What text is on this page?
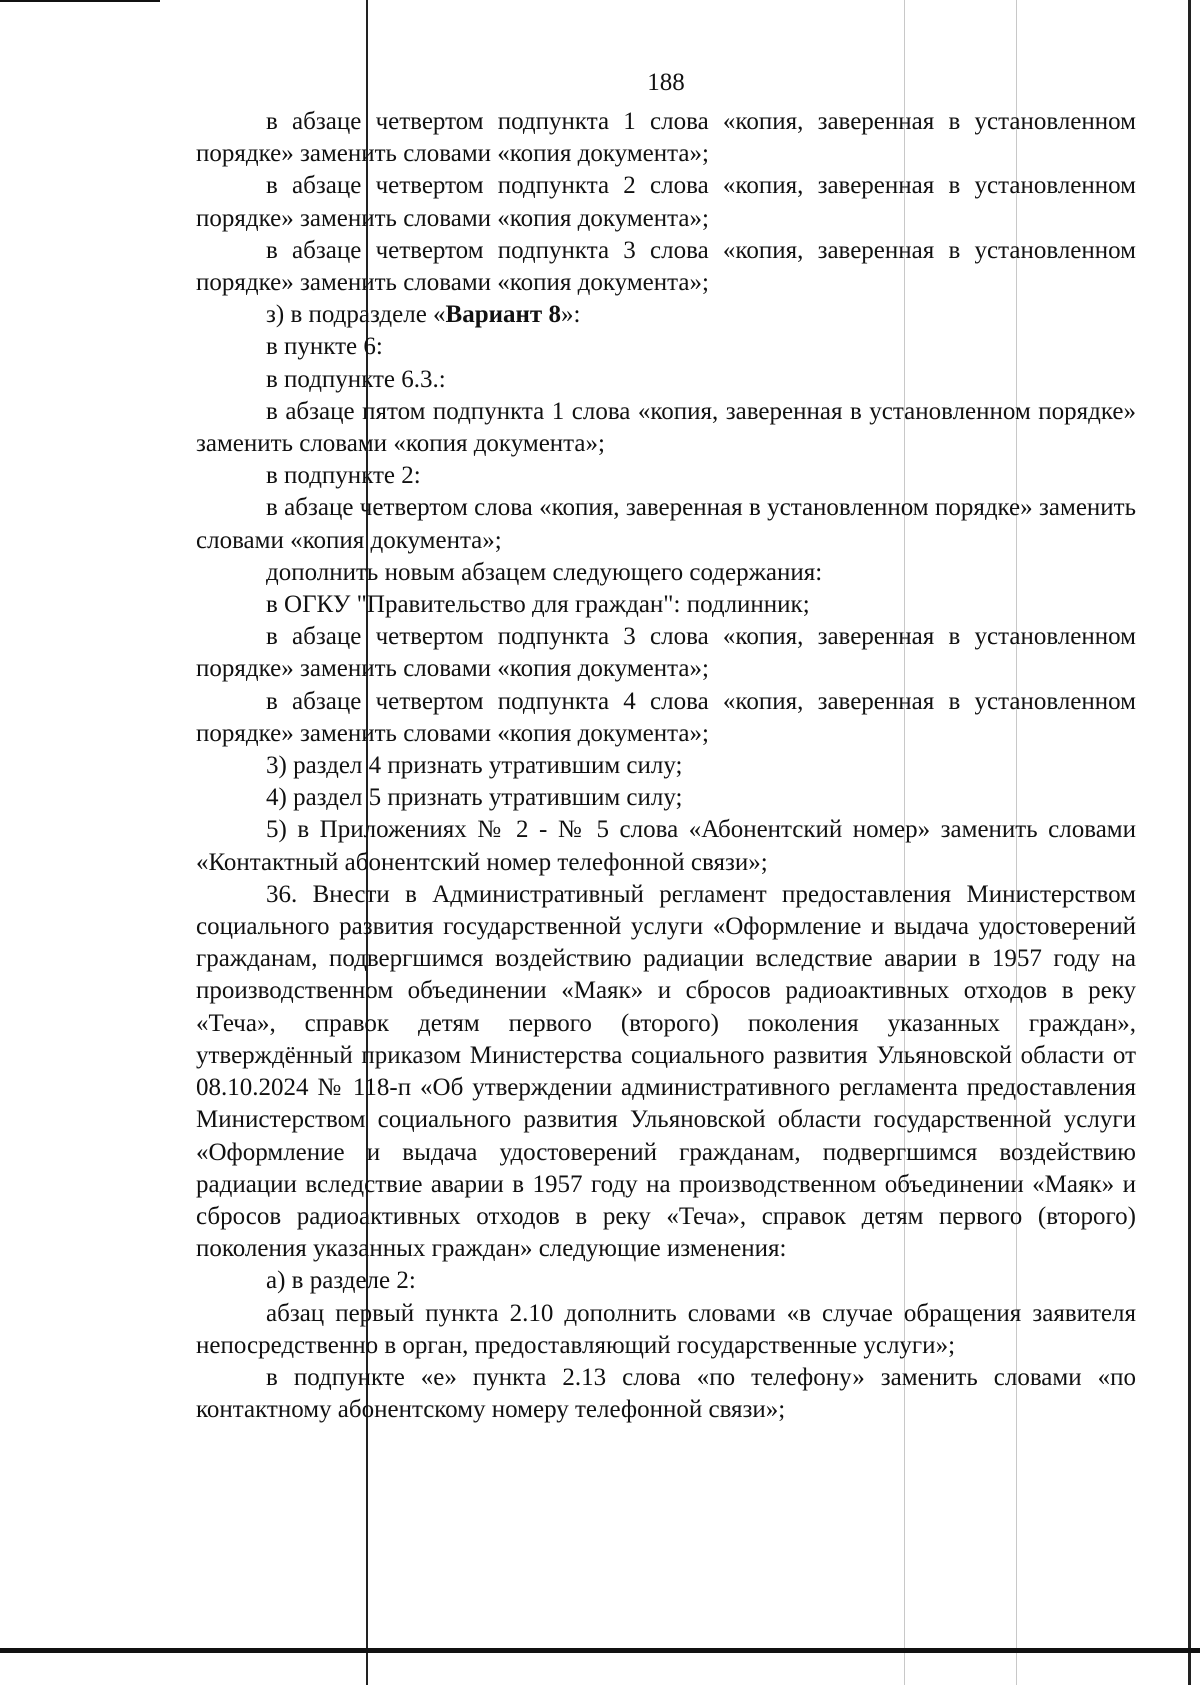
188

в абзаце четвертом подпункта 1 слова «копия, заверенная в установленном порядке» заменить словами «копия документа»;

в абзаце четвертом подпункта 2 слова «копия, заверенная в установленном порядке» заменить словами «копия документа»;

в абзаце четвертом подпункта 3 слова «копия, заверенная в установленном порядке» заменить словами «копия документа»;

з) в подразделе «Вариант 8»:

в пункте 6:

в подпункте 6.3.:

в абзаце пятом подпункта 1 слова «копия, заверенная в установленном порядке» заменить словами «копия документа»;

в подпункте 2:

в абзаце четвертом слова «копия, заверенная в установленном порядке» заменить словами «копия документа»;

дополнить новым абзацем следующего содержания:

в ОГКУ "Правительство для граждан": подлинник;

в абзаце четвертом подпункта 3 слова «копия, заверенная в установленном порядке» заменить словами «копия документа»;

в абзаце четвертом подпункта 4 слова «копия, заверенная в установленном порядке» заменить словами «копия документа»;

3) раздел 4 признать утратившим силу;

4) раздел 5 признать утратившим силу;

5) в Приложениях № 2 - № 5 слова «Абонентский номер» заменить словами «Контактный абонентский номер телефонной связи»;

36. Внести в Административный регламент предоставления Министерством социального развития государственной услуги «Оформление и выдача удостоверений гражданам, подвергшимся воздействию радиации вследствие аварии в 1957 году на производственном объединении «Маяк» и сбросов радиоактивных отходов в реку «Теча», справок детям первого (второго) поколения указанных граждан», утверждённый приказом Министерства социального развития Ульяновской области от 08.10.2024 № 118-п «Об утверждении административного регламента предоставления Министерством социального развития Ульяновской области государственной услуги «Оформление и выдача удостоверений гражданам, подвергшимся воздействию радиации вследствие аварии в 1957 году на производственном объединении «Маяк» и сбросов радиоактивных отходов в реку «Теча», справок детям первого (второго) поколения указанных граждан» следующие изменения:

а) в разделе 2:

абзац первый пункта 2.10 дополнить словами «в случае обращения заявителя непосредственно в орган, предоставляющий государственные услуги»;

в подпункте «е» пункта 2.13 слова «по телефону» заменить словами «по контактному абонентскому номеру телефонной связи»;
